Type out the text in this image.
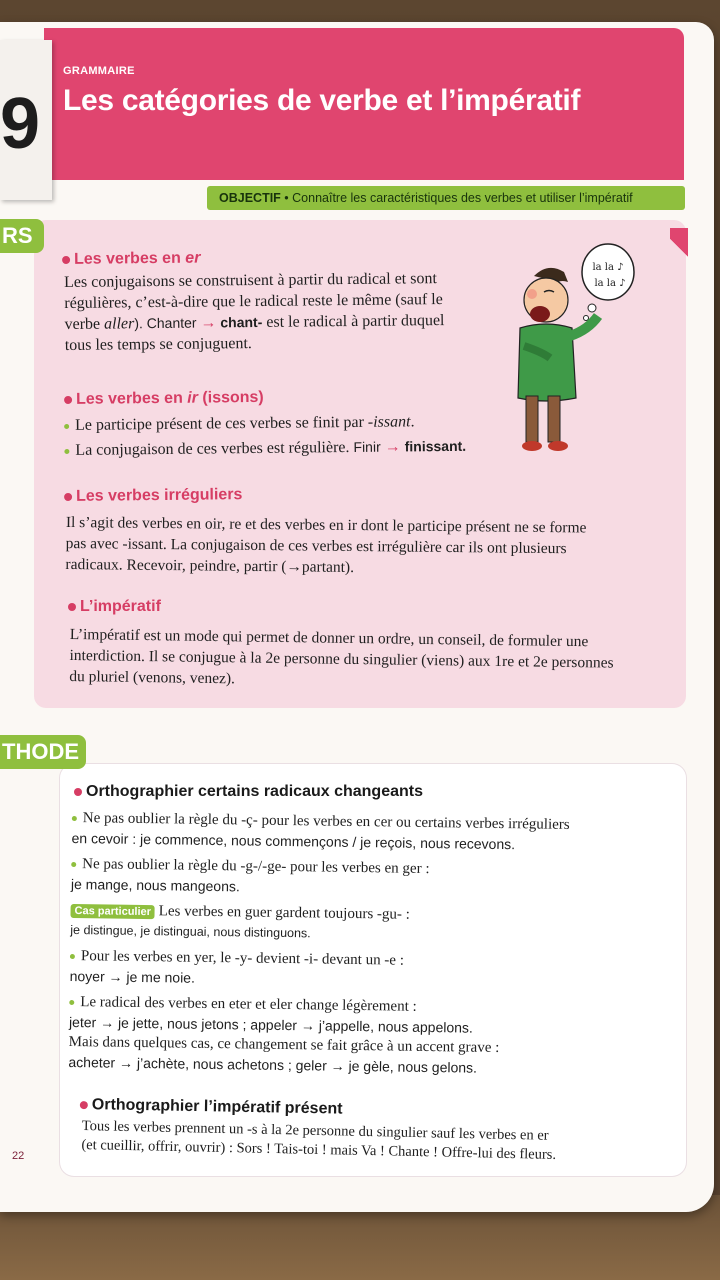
9
GRAMMAIRE
Les catégories de verbe et l’impératif
OBJECTIF • Connaître les caractéristiques des verbes et utiliser l’impératif
RS
la la ♪
la la ♪
Les verbes en er
Les conjugaisons se construisent à partir du radical et sont
régulières, c’est-à-dire que le radical reste le même (sauf le
verbe aller). Chanter → chant- est le radical à partir duquel
tous les temps se conjuguent.
Les verbes en ir (issons)
Le participe présent de ces verbes se finit par -issant.
La conjugaison de ces verbes est régulière. Finir → finissant.
Les verbes irréguliers
Il s’agit des verbes en oir, re et des verbes en ir dont le participe présent ne se forme
pas avec -issant. La conjugaison de ces verbes est irrégulière car ils ont plusieurs
radicaux. Recevoir, peindre, partir (→partant).
L’impératif
L’impératif est un mode qui permet de donner un ordre, un conseil, de formuler une
interdiction. Il se conjugue à la 2e personne du singulier (viens) aux 1re et 2e personnes
du pluriel (venons, venez).
THODE
Orthographier certains radicaux changeants
Ne pas oublier la règle du -ç- pour les verbes en cer ou certains verbes irréguliers
en cevoir : je commence, nous commençons / je reçois, nous recevons.
Ne pas oublier la règle du -g-/-ge- pour les verbes en ger :
je mange, nous mangeons.
Cas particulier Les verbes en guer gardent toujours -gu- :
je distingue, je distinguai, nous distinguons.
Pour les verbes en yer, le -y- devient -i- devant un -e :
noyer → je me noie.
Le radical des verbes en eter et eler change légèrement :
jeter → je jette, nous jetons ; appeler → j’appelle, nous appelons.
Mais dans quelques cas, ce changement se fait grâce à un accent grave :
acheter → j’achète, nous achetons ; geler → je gèle, nous gelons.
Orthographier l’impératif présent
Tous les verbes prennent un -s à la 2e personne du singulier sauf les verbes en er
(et cueillir, offrir, ouvrir) : Sors ! Tais-toi ! mais Va ! Chante ! Offre-lui des fleurs.
22
